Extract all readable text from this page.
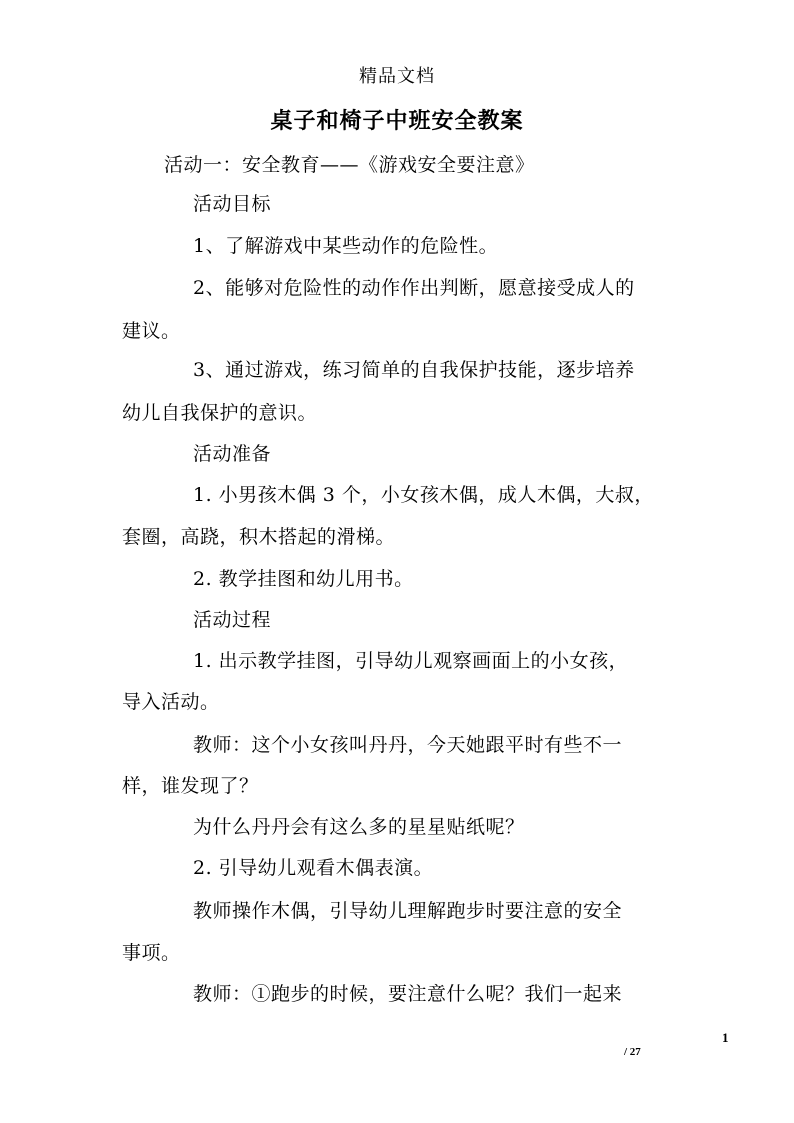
精品文档
桌子和椅子中班安全教案
活动一：安全教育——《游戏安全要注意》
活动目标
1、了解游戏中某些动作的危险性。
2、能够对危险性的动作作出判断，愿意接受成人的
建议。
3、通过游戏，练习简单的自我保护技能，逐步培养
幼儿自我保护的意识。
活动准备
1. 小男孩木偶 3 个，小女孩木偶，成人木偶，大叔，
套圈，高跷，积木搭起的滑梯。
2. 教学挂图和幼儿用书。
活动过程
1. 出示教学挂图，引导幼儿观察画面上的小女孩，
导入活动。
教师：这个小女孩叫丹丹，今天她跟平时有些不一
样，谁发现了？
为什么丹丹会有这么多的星星贴纸呢？
2. 引导幼儿观看木偶表演。
教师操作木偶，引导幼儿理解跑步时要注意的安全
事项。
教师：①跑步的时候，要注意什么呢？我们一起来
1
/ 27
